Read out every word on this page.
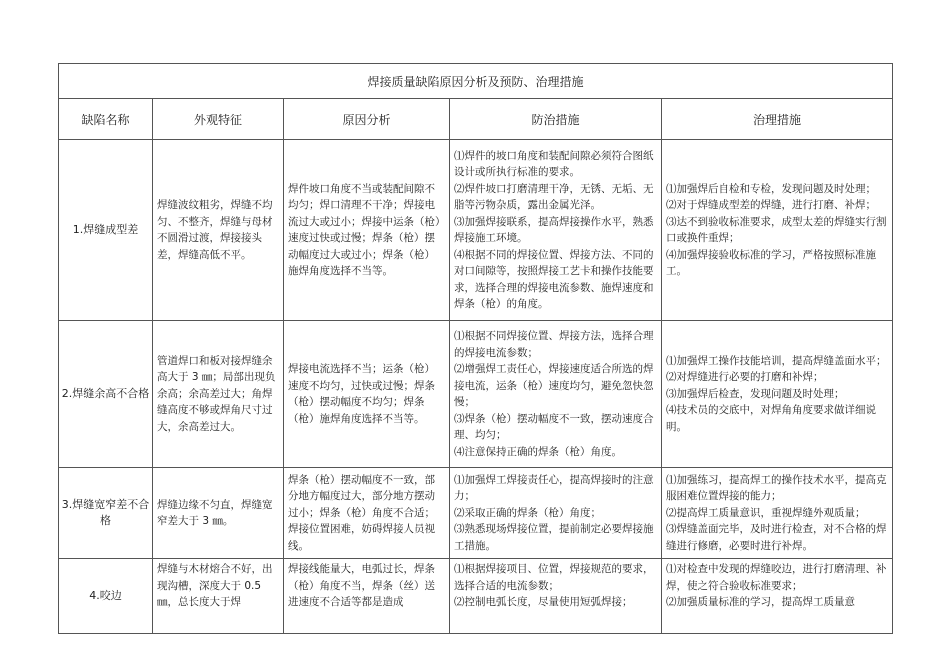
焊接质量缺陷原因分析及预防、治理措施				
缺陷名称	外观特征	原因分析	防治措施	治理措施
1.焊缝成型差	焊缝波纹粗劣，焊缝不均匀、不整齐，焊缝与母材不圆滑过渡，焊接接头差，焊缝高低不平。	焊件坡口角度不当或装配间隙不均匀；焊口清理不干净；焊接电流过大或过小；焊接中运条（枪）速度过快或过慢；焊条（枪）摆动幅度过大或过小；焊条（枪）施焊角度选择不当等。	⑴焊件的坡口角度和装配间隙必须符合图纸设计或所执行标准的要求。
⑵焊件坡口打磨清理干净，无锈、无垢、无脂等污物杂质，露出金属光泽。
⑶加强焊接联系，提高焊接操作水平，熟悉焊接施工环境。
⑷根据不同的焊接位置、焊接方法、不同的对口间隙等，按照焊接工艺卡和操作技能要求，选择合理的焊接电流参数、施焊速度和焊条（枪）的角度。	⑴加强焊后自检和专检，发现问题及时处理；
⑵对于焊缝成型差的焊缝，进行打磨、补焊；
⑶达不到验收标准要求，成型太差的焊缝实行割口或换件重焊；
⑷加强焊接验收标准的学习，严格按照标准施工。

2.焊缝余高不合格	管道焊口和板对接焊缝余高大于 3 ㎜；局部出现负余高；余高差过大；角焊缝高度不够或焊角尺寸过大，余高差过大。	焊接电流选择不当；运条（枪）速度不均匀，过快或过慢；焊条（枪）摆动幅度不均匀；焊条（枪）施焊角度选择不当等。	⑴根据不同焊接位置、焊接方法，选择合理的焊接电流参数；
⑵增强焊工责任心，焊接速度适合所选的焊接电流，运条（枪）速度均匀，避免忽快忽慢；
⑶焊条（枪）摆动幅度不一致，摆动速度合理、均匀；
⑷注意保持正确的焊条（枪）角度。	⑴加强焊工操作技能培训，提高焊缝盖面水平；
⑵对焊缝进行必要的打磨和补焊；
⑶加强焊后检查，发现问题及时处理；
⑷技术员的交底中，对焊角角度要求做详细说明。

3.焊缝宽窄差不合格	焊缝边缘不匀直，焊缝宽窄差大于 3 ㎜。	焊条（枪）摆动幅度不一致，部分地方幅度过大，部分地方摆动过小；焊条（枪）角度不合适；焊接位置困难，妨碍焊接人员视线。	⑴加强焊工焊接责任心，提高焊接时的注意力；
⑵采取正确的焊条（枪）角度；
⑶熟悉现场焊接位置，提前制定必要焊接施工措施。	⑴加强练习，提高焊工的操作技术水平，提高克服困难位置焊接的能力；
⑵提高焊工质量意识，重视焊缝外观质量；
⑶焊缝盖面完毕，及时进行检查，对不合格的焊缝进行修磨，必要时进行补焊。

4.咬边	焊缝与木材熔合不好，出现沟槽，深度大于 0.5 ㎜，总长度大于焊	焊接线能量大，电弧过长，焊条（枪）角度不当，焊条（丝）送进速度不合适等都是造成	⑴根据焊接项目、位置，焊接规范的要求，选择合适的电流参数；
⑵控制电弧长度，尽量使用短弧焊接；	⑴对检查中发现的焊缝咬边，进行打磨清理、补焊，使之符合验收标准要求；
⑵加强质量标准的学习，提高焊工质量意
